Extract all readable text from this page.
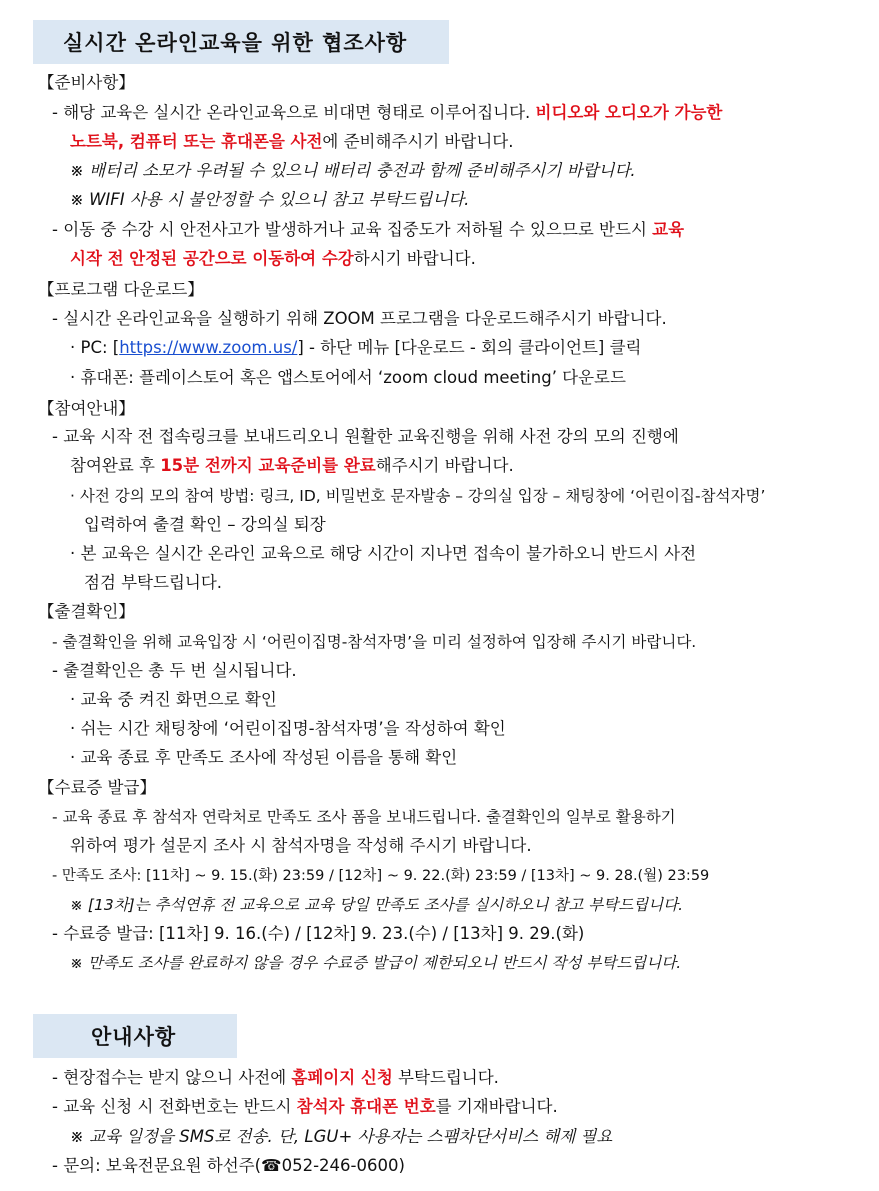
실시간 온라인교육을 위한 협조사항
【준비사항】
- 해당 교육은 실시간 온라인교육으로 비대면 형태로 이루어집니다. 비디오와 오디오가 가능한
노트북, 컴퓨터 또는 휴대폰을 사전에 준비해주시기 바랍니다.
※ 배터리 소모가 우려될 수 있으니 배터리 충전과 함께 준비해주시기 바랍니다.
※ WIFI 사용 시 불안정할 수 있으니 참고 부탁드립니다.
- 이동 중 수강 시 안전사고가 발생하거나 교육 집중도가 저하될 수 있으므로 반드시 교육
시작 전 안정된 공간으로 이동하여 수강하시기 바랍니다.
【프로그램 다운로드】
- 실시간 온라인교육을 실행하기 위해 ZOOM 프로그램을 다운로드해주시기 바랍니다.
· PC: [https://www.zoom.us/] - 하단 메뉴 [다운로드 - 회의 클라이언트] 클릭
· 휴대폰: 플레이스토어 혹은 앱스토어에서 ‘zoom cloud meeting’ 다운로드
【참여안내】
- 교육 시작 전 접속링크를 보내드리오니 원활한 교육진행을 위해 사전 강의 모의 진행에
참여완료 후 15분 전까지 교육준비를 완료해주시기 바랍니다.
· 사전 강의 모의 참여 방법: 링크, ID, 비밀번호 문자발송 – 강의실 입장 – 채팅창에 ‘어린이집-참석자명’
입력하여 출결 확인 – 강의실 퇴장
· 본 교육은 실시간 온라인 교육으로 해당 시간이 지나면 접속이 불가하오니 반드시 사전
점검 부탁드립니다.
【출결확인】
- 출결확인을 위해 교육입장 시 ‘어린이집명-참석자명’을 미리 설정하여 입장해 주시기 바랍니다.
- 출결확인은 총 두 번 실시됩니다.
· 교육 중 켜진 화면으로 확인
· 쉬는 시간 채팅창에 ‘어린이집명-참석자명’을 작성하여 확인
· 교육 종료 후 만족도 조사에 작성된 이름을 통해 확인
【수료증 발급】
- 교육 종료 후 참석자 연락처로 만족도 조사 폼을 보내드립니다. 출결확인의 일부로 활용하기
위하여 평가 설문지 조사 시 참석자명을 작성해 주시기 바랍니다.
- 만족도 조사: [11차] ~ 9. 15.(화) 23:59 / [12차] ~ 9. 22.(화) 23:59 / [13차] ~ 9. 28.(월) 23:59
※ [13차]는 추석연휴 전 교육으로 교육 당일 만족도 조사를 실시하오니 참고 부탁드립니다.
- 수료증 발급: [11차] 9. 16.(수) / [12차] 9. 23.(수) / [13차] 9. 29.(화)
※ 만족도 조사를 완료하지 않을 경우 수료증 발급이 제한되오니 반드시 작성 부탁드립니다.
안내사항
- 현장접수는 받지 않으니 사전에 홈페이지 신청 부탁드립니다.
- 교육 신청 시 전화번호는 반드시 참석자 휴대폰 번호를 기재바랍니다.
※ 교육 일정을 SMS로 전송. 단, LGU+ 사용자는 스팸차단서비스 해제 필요
- 문의: 보육전문요원 하선주(☎052-246-0600)
